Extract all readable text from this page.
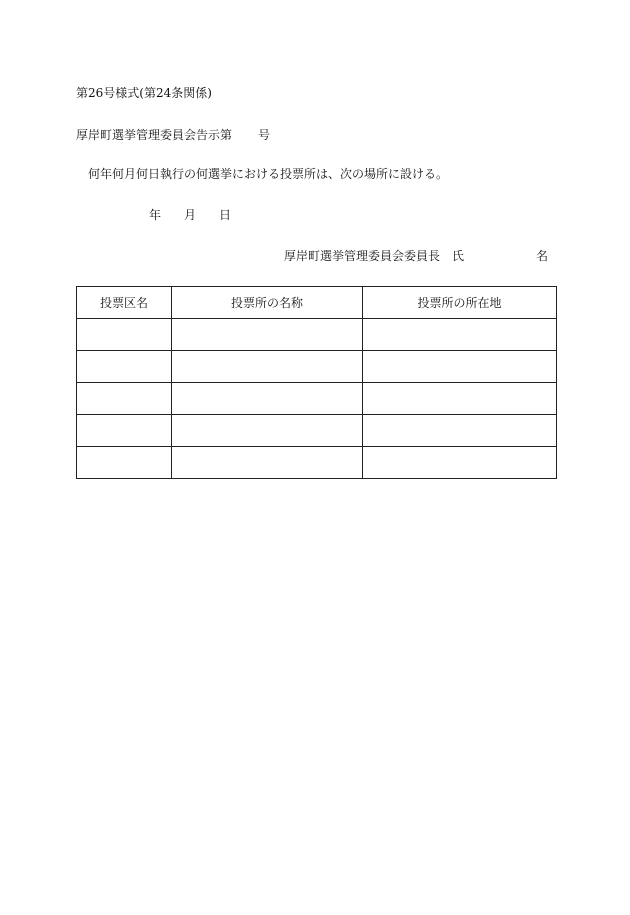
第26号様式(第24条関係)
厚岸町選挙管理委員会告示第 号
何年何月何日執行の何選挙における投票所は、次の場所に設ける。
年 月 日
厚岸町選挙管理委員会委員長 氏	名
投票区名	投票所の名称	投票所の所在地
